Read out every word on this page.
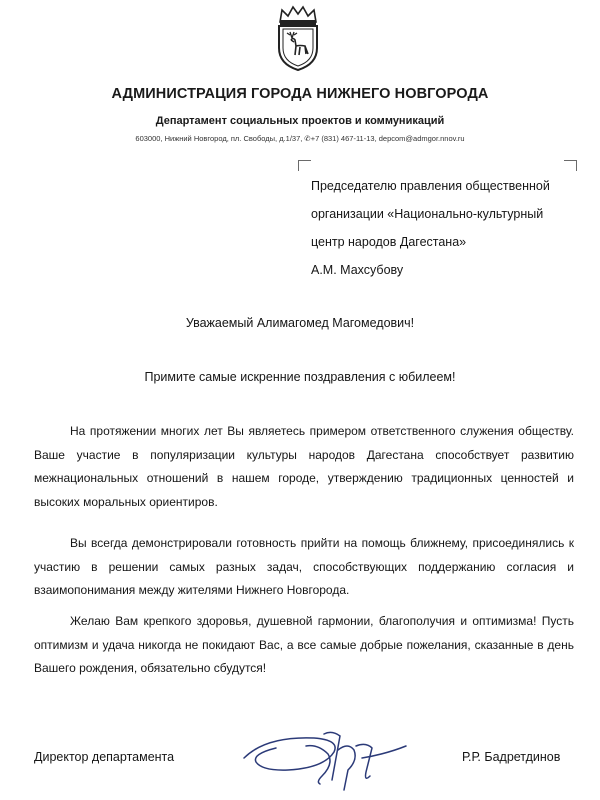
АДМИНИСТРАЦИЯ ГОРОДА НИЖНЕГО НОВГОРОДА
Департамент социальных проектов и коммуникаций
603000, Нижний Новгород, пл. Свободы, д.1/37, ✆+7 (831) 467-11-13, depcom@admgor.nnov.ru
Председателю правления общественной
организации «Национально-культурный
центр народов Дагестана»
А.М. Махсубову
Уважаемый Алимагомед Магомедович!
Примите самые искренние поздравления с юбилеем!
На протяжении многих лет Вы являетесь примером ответственного служения обществу. Ваше участие в популяризации культуры народов Дагестана способствует развитию межнациональных отношений в нашем городе, утверждению традиционных ценностей и высоких моральных ориентиров.
Вы всегда демонстрировали готовность прийти на помощь ближнему, присоединялись к участию в решении самых разных задач, способствующих поддержанию согласия и взаимопонимания между жителями Нижнего Новгорода.
Желаю Вам крепкого здоровья, душевной гармонии, благополучия и оптимизма! Пусть оптимизм и удача никогда не покидают Вас, а все самые добрые пожелания, сказанные в день Вашего рождения, обязательно сбудутся!
Директор департамента	Р.Р. Бадретдинов
